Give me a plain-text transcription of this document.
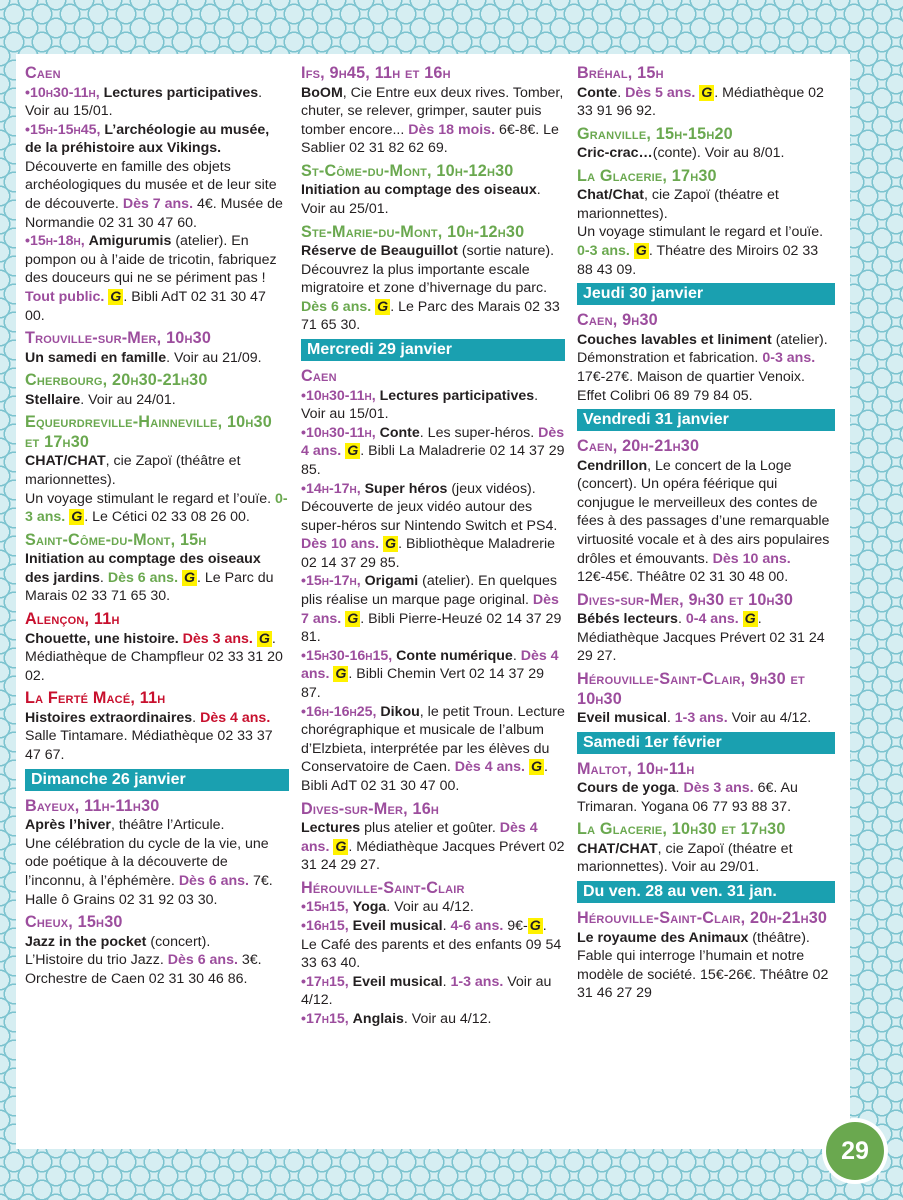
Caen
•10h30-11h, Lectures participatives. Voir au 15/01.
•15h-15h45, L’archéologie au musée, de la préhistoire aux Vikings. Découverte en famille des objets archéologiques du musée et de leur site de découverte. Dès 7 ans. 4€. Musée de Normandie 02 31 30 47 60.
•15h-18h, Amigurumis (atelier). En pompon ou à l’aide de tricotin, fabriquez des douceurs qui ne se périment pas ! Tout public. G . Bibli AdT 02 31 30 47 00.
Trouville-sur-Mer, 10h30
Un samedi en famille. Voir au 21/09.
Cherbourg, 20h30-21h30
Stellaire. Voir au 24/01.
Equeurdreville-Hainneville, 10h30 et 17h30
CHAT/CHAT, cie Zapoï (théâtre et marionnettes).
Un voyage stimulant le regard et l’ouïe. 0-3 ans. G . Le Cétici 02 33 08 26 00.
Saint-Côme-du-Mont, 15h
Initiation au comptage des oiseaux des jardins. Dès 6 ans. G . Le Parc du Marais 02 33 71 65 30.
Alençon, 11h
Chouette, une histoire. Dès 3 ans. G . Médiathèque de Champfleur 02 33 31 20 02.
La Ferté Macé, 11h
Histoires extraordinaires. Dès 4 ans. Salle Tintamare. Médiathèque 02 33 37 47 67.
Dimanche 26 janvier
Bayeux, 11h-11h30
Après l’hiver, théâtre l’Articule.
Une célébration du cycle de la vie, une ode poétique à la découverte de l’inconnu, à l’éphémère. Dès 6 ans. 7€. Halle ô Grains 02 31 92 03 30.
Cheux, 15h30
Jazz in the pocket (concert).
L’Histoire du trio Jazz. Dès 6 ans. 3€. Orchestre de Caen 02 31 30 46 86.
Ifs, 9h45, 11h et 16h
BoOM, Cie Entre eux deux rives. Tomber, chuter, se relever, grimper, sauter puis tomber encore... Dès 18 mois. 6€-8€. Le Sablier 02 31 82 62 69.
St-Côme-du-Mont, 10h-12h30
Initiation au comptage des oiseaux. Voir au 25/01.
Ste-Marie-du-Mont, 10h-12h30
Réserve de Beauguillot (sortie nature). Découvrez la plus importante escale migratoire et zone d’hivernage du parc. Dès 6 ans. G . Le Parc des Marais 02 33 71 65 30.
Mercredi 29 janvier
Caen
•10h30-11h, Lectures participatives. Voir au 15/01.
•10h30-11h, Conte. Les super-héros. Dès 4 ans. G . Bibli La Maladrerie 02 14 37 29 85.
•14h-17h, Super héros (jeux vidéos). Découverte de jeux vidéo autour des super-héros sur Nintendo Switch et PS4. Dès 10 ans. G . Bibliothèque Maladrerie 02 14 37 29 85.
•15h-17h, Origami (atelier). En quelques plis réalise un marque page original. Dès 7 ans. G . Bibli Pierre-Heuzé 02 14 37 29 81.
•15h30-16h15, Conte numérique. Dès 4 ans. G . Bibli Chemin Vert 02 14 37 29 87.
•16h-16h25, Dikou, le petit Troun. Lecture chorégraphique et musicale de l’album d’Elzbieta, interprétée par les élèves du Conservatoire de Caen. Dès 4 ans. G . Bibli AdT 02 31 30 47 00.
Dives-sur-Mer, 16h
Lectures plus atelier et goûter. Dès 4 ans. G . Médiathèque Jacques Prévert 02 31 24 29 27.
Hérouville-Saint-Clair
•15h15, Yoga. Voir au 4/12.
•16h15, Eveil musical. 4-6 ans. 9€- G . Le Café des parents et des enfants 09 54 33 63 40.
•17h15, Eveil musical. 1-3 ans. Voir au 4/12.
•17h15, Anglais. Voir au 4/12.
Bréhal, 15h
Conte. Dès 5 ans. G . Médiathèque 02 33 91 96 92.
Granville, 15h-15h20
Cric-crac…(conte). Voir au 8/01.
La Glacerie, 17h30
Chat/Chat, cie Zapoï (théatre et marionnettes).
Un voyage stimulant le regard et l’ouïe. 0-3 ans. G . Théatre des Miroirs 02 33 88 43 09.
Jeudi 30 janvier
Caen, 9h30
Couches lavables et liniment (atelier). Démonstration et fabrication. 0-3 ans. 17€-27€. Maison de quartier Venoix. Effet Colibri 06 89 79 84 05.
Vendredi 31 janvier
Caen, 20h-21h30
Cendrillon, Le concert de la Loge (concert). Un opéra féérique qui conjugue le merveilleux des contes de fées à des passages d’une remarquable virtuosité vocale et à des airs populaires drôles et émouvants. Dès 10 ans. 12€-45€. Théâtre 02 31 30 48 00.
Dives-sur-Mer, 9h30 et 10h30
Bébés lecteurs. 0-4 ans. G . Médiathèque Jacques Prévert 02 31 24 29 27.
Hérouville-Saint-Clair, 9h30 et 10h30
Eveil musical. 1-3 ans. Voir au 4/12.
Samedi 1er février
Maltot, 10h-11h
Cours de yoga. Dès 3 ans. 6€. Au Trimaran. Yogana 06 77 93 88 37.
La Glacerie, 10h30 et 17h30
CHAT/CHAT, cie Zapoï (théatre et marionnettes). Voir au 29/01.
Du ven. 28 au ven. 31 jan.
Hérouville-Saint-Clair, 20h-21h30
Le royaume des Animaux (théâtre). Fable qui interroge l’humain et notre modèle de société. 15€-26€. Théâtre 02 31 46 27 29
29
